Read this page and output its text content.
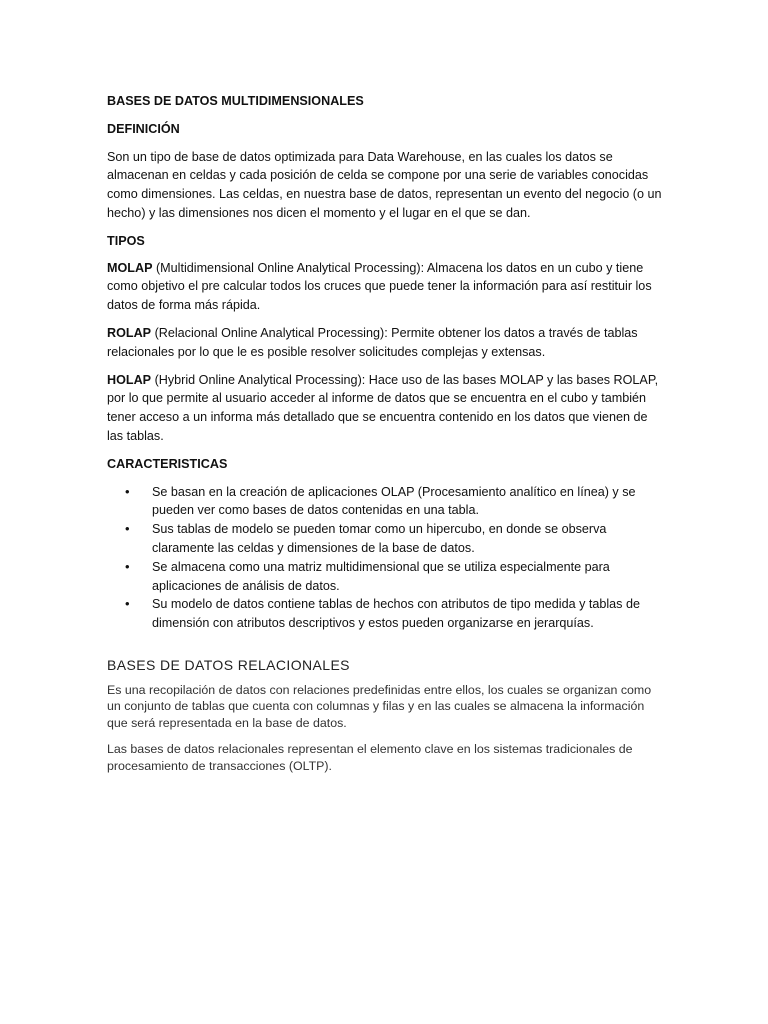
BASES DE DATOS MULTIDIMENSIONALES

DEFINICIÓN

Son un tipo de base de datos optimizada para Data Warehouse, en las cuales los datos se almacenan en celdas y cada posición de celda se compone por una serie de variables conocidas como dimensiones. Las celdas, en nuestra base de datos, representan un evento del negocio (o un hecho) y las dimensiones nos dicen el momento y el lugar en el que se dan.

TIPOS

MOLAP (Multidimensional Online Analytical Processing): Almacena los datos en un cubo y tiene como objetivo el pre calcular todos los cruces que puede tener la información para así restituir los datos de forma más rápida.

ROLAP (Relacional Online Analytical Processing): Permite obtener los datos a través de tablas relacionales por lo que le es posible resolver solicitudes complejas y extensas.

HOLAP (Hybrid Online Analytical Processing): Hace uso de las bases MOLAP y las bases ROLAP, por lo que permite al usuario acceder al informe de datos que se encuentra en el cubo y también tener acceso a un informa más detallado que se encuentra contenido en los datos que vienen de las tablas.

CARACTERISTICAS

• Se basan en la creación de aplicaciones OLAP (Procesamiento analítico en línea) y se pueden ver como bases de datos contenidas en una tabla.
• Sus tablas de modelo se pueden tomar como un hipercubo, en donde se observa claramente las celdas y dimensiones de la base de datos.
• Se almacena como una matriz multidimensional que se utiliza especialmente para aplicaciones de análisis de datos.
• Su modelo de datos contiene tablas de hechos con atributos de tipo medida y tablas de dimensión con atributos descriptivos y estos pueden organizarse en jerarquías.

BASES DE DATOS RELACIONALES

Es una recopilación de datos con relaciones predefinidas entre ellos, los cuales se organizan como un conjunto de tablas que cuenta con columnas y filas y en las cuales se almacena la información que será representada en la base de datos.

Las bases de datos relacionales representan el elemento clave en los sistemas tradicionales de procesamiento de transacciones (OLTP).
